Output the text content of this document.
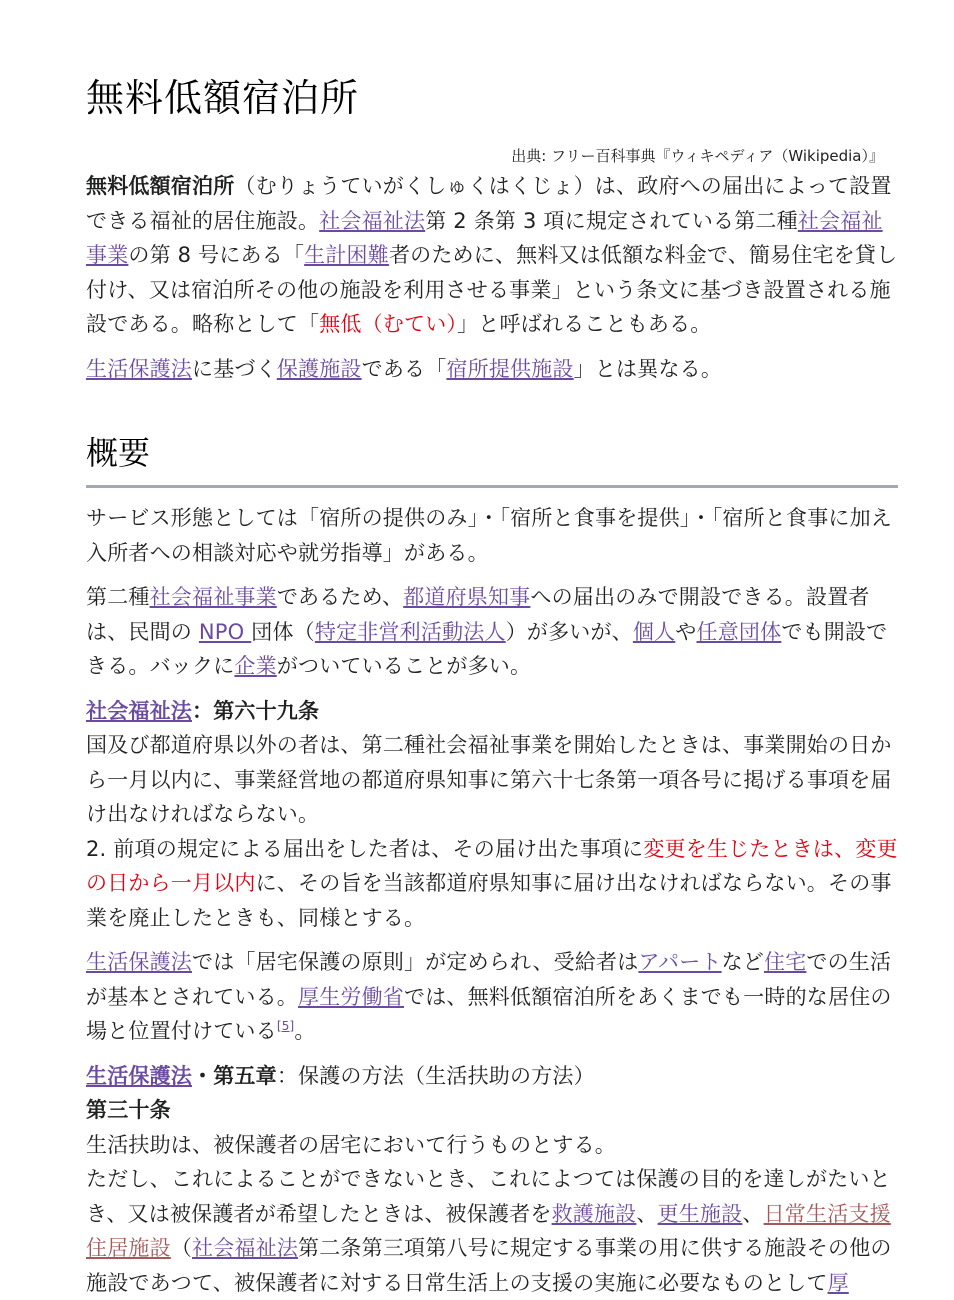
無料低額宿泊所
出典: フリー百科事典『ウィキペディア（Wikipedia）』

無料低額宿泊所（むりょうていがくしゅくはくじょ）は、政府への届出によって設置できる福祉的居住施設。社会福祉法第 2 条第 3 項に規定されている第二種社会福祉事業の第 8 号にある「生計困難者のために、無料又は低額な料金で、簡易住宅を貸し付け、又は宿泊所その他の施設を利用させる事業」という条文に基づき設置される施設である。略称として「無低（むてい）」と呼ばれることもある。

生活保護法に基づく保護施設である「宿所提供施設」とは異なる。

概要

サービス形態としては「宿所の提供のみ」・「宿所と食事を提供」・「宿所と食事に加え入所者への相談対応や就労指導」がある。

第二種社会福祉事業であるため、都道府県知事への届出のみで開設できる。設置者は、民間の NPO 団体（特定非営利活動法人）が多いが、個人や任意団体でも開設できる。バックに企業がついていることが多い。

社会福祉法：第六十九条
国及び都道府県以外の者は、第二種社会福祉事業を開始したときは、事業開始の日から一月以内に、事業経営地の都道府県知事に第六十七条第一項各号に掲げる事項を届け出なければならない。
2. 前項の規定による届出をした者は、その届け出た事項に変更を生じたときは、変更の日から一月以内に、その旨を当該都道府県知事に届け出なければならない。その事業を廃止したときも、同様とする。

生活保護法では「居宅保護の原則」が定められ、受給者はアパートなど住宅での生活が基本とされている。厚生労働省では、無料低額宿泊所をあくまでも一時的な居住の場と位置付けている[5]。

生活保護法・第五章：保護の方法（生活扶助の方法）
第三十条
生活扶助は、被保護者の居宅において行うものとする。
ただし、これによることができないとき、これによつては保護の目的を達しがたいとき、又は被保護者が希望したときは、被保護者を救護施設、更生施設、日常生活支援住居施設（社会福祉法第二条第三項第八号に規定する事業の用に供する施設その他の施設であつて、被保護者に対する日常生活上の支援の実施に必要なものとして厚
